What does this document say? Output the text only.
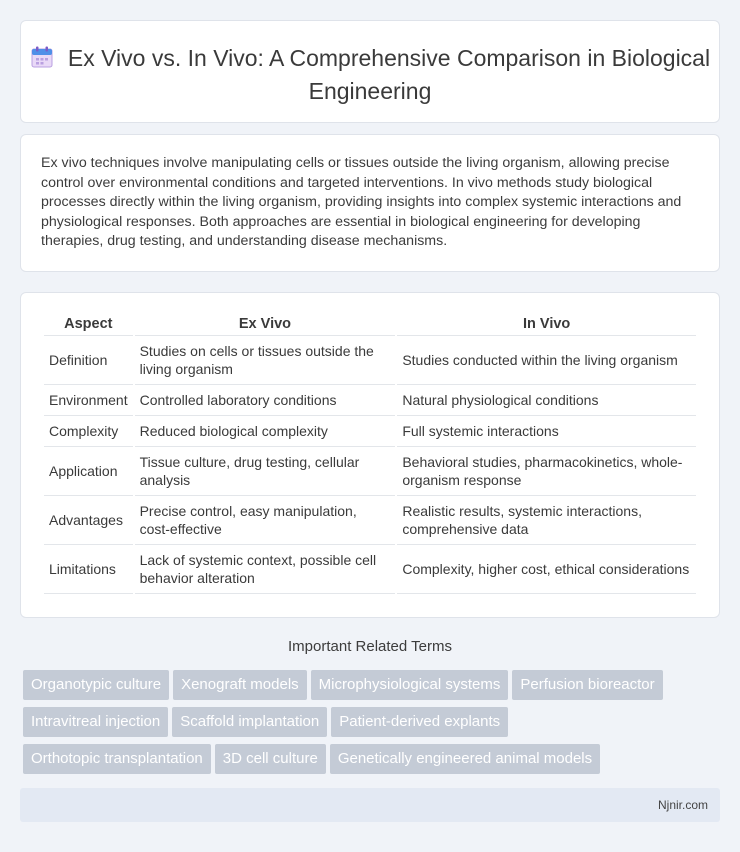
Ex Vivo vs. In Vivo: A Comprehensive Comparison in Biological Engineering

Ex vivo techniques involve manipulating cells or tissues outside the living organism, allowing precise control over environmental conditions and targeted interventions. In vivo methods study biological processes directly within the living organism, providing insights into complex systemic interactions and physiological responses. Both approaches are essential in biological engineering for developing therapies, drug testing, and understanding disease mechanisms.

Aspect	Ex Vivo	In Vivo
Definition	Studies on cells or tissues outside the living organism	Studies conducted within the living organism
Environment	Controlled laboratory conditions	Natural physiological conditions
Complexity	Reduced biological complexity	Full systemic interactions
Application	Tissue culture, drug testing, cellular analysis	Behavioral studies, pharmacokinetics, whole-organism response
Advantages	Precise control, easy manipulation, cost-effective	Realistic results, systemic interactions, comprehensive data
Limitations	Lack of systemic context, possible cell behavior alteration	Complexity, higher cost, ethical considerations
Important Related Terms
Organotypic culture Xenograft models Microphysiological systems Perfusion bioreactor
Intravitreal injection Scaffold implantation Patient-derived explants
Orthotopic transplantation 3D cell culture Genetically engineered animal models
Njnir.com
